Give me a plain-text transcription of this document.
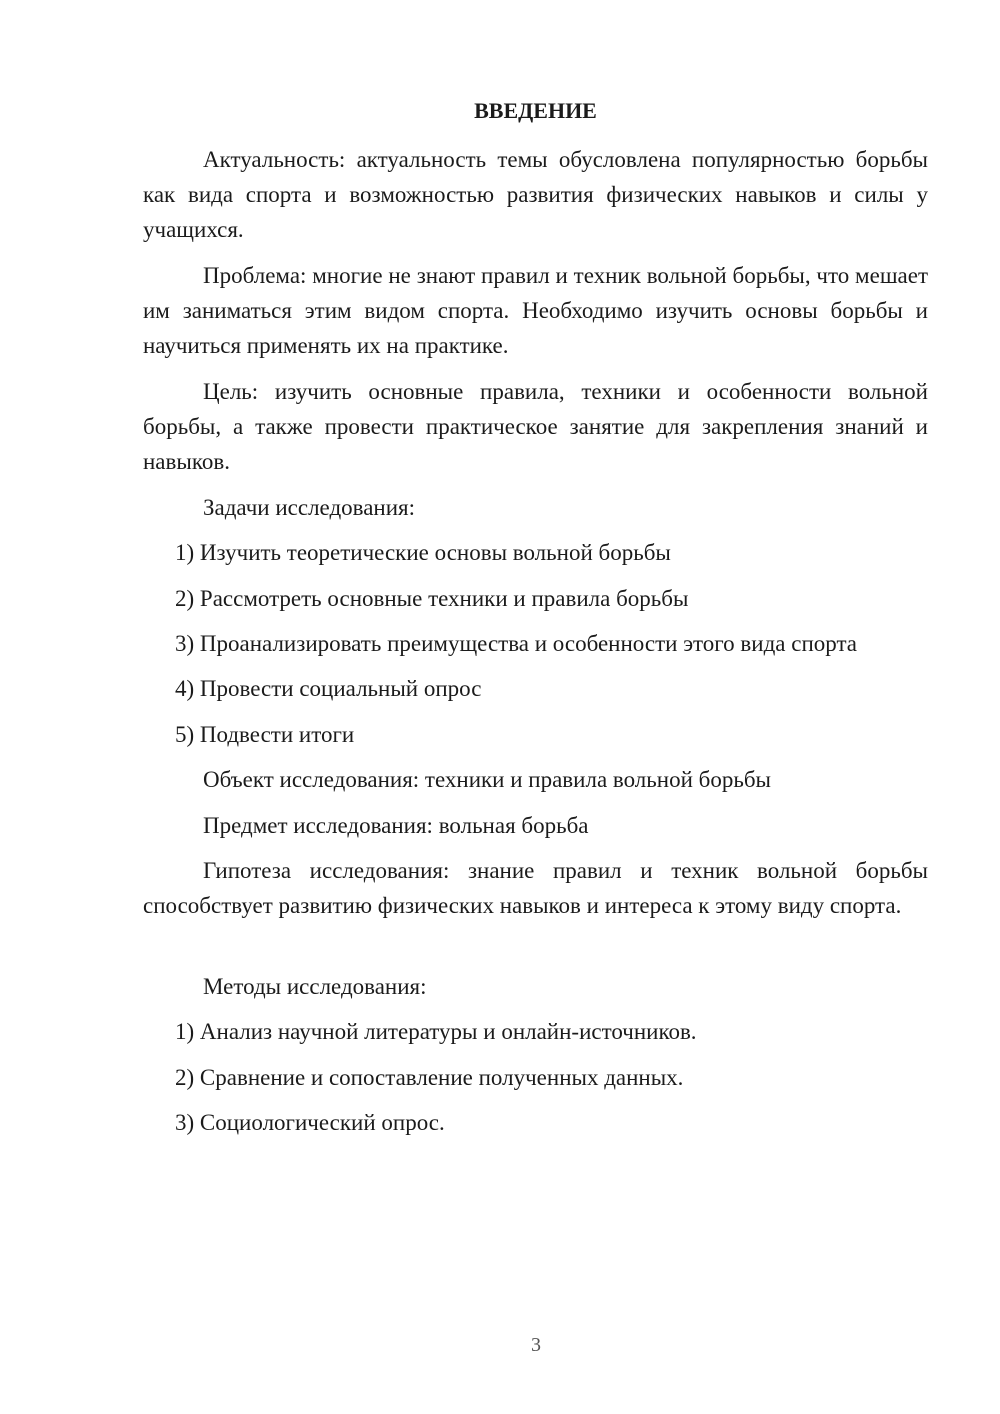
ВВЕДЕНИЕ

Актуальность: актуальность темы обусловлена популярностью борьбы как вида спорта и возможностью развития физических навыков и силы у учащихся.

Проблема: многие не знают правил и техник вольной борьбы, что мешает им заниматься этим видом спорта. Необходимо изучить основы борьбы и научиться применять их на практике.

Цель: изучить основные правила, техники и особенности вольной борьбы, а также провести практическое занятие для закрепления знаний и навыков.

Задачи исследования:

1) Изучить теоретические основы вольной борьбы

2) Рассмотреть основные техники и правила борьбы

3) Проанализировать преимущества и особенности этого вида спорта

4) Провести социальный опрос

5) Подвести итоги

Объект исследования: техники и правила вольной борьбы

Предмет исследования: вольная борьба

Гипотеза исследования: знание правил и техник вольной борьбы способствует развитию физических навыков и интереса к этому виду спорта.

Методы исследования:

1) Анализ научной литературы и онлайн-источников.

2) Сравнение и сопоставление полученных данных.

3) Социологический опрос.

3
